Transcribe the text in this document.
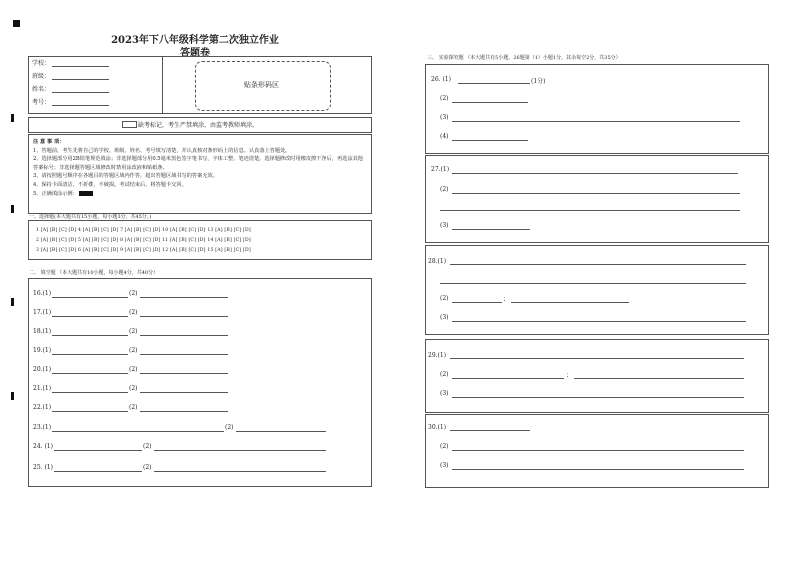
2023年下八年级科学第二次独立作业
答题卷
学校：
班级：
姓名：
考号：
贴条形码区
缺考标记，考生严禁填涂，由监考教师填涂。

注 意 事 项：

1、答题前，考生先将自己的学校、班级、姓名、考号填写清楚，并认真核对条形码上的信息。认真落上答题处。

2、选择题部分用2B铅笔规范填涂；非选择题部分用0.5毫米黑色签字笔书写，字体工整、笔迹清楚。选择题修改时用橡皮擦干净后，再选涂其他答案标号；非选择题答题区域修改时禁用涂改液和贴纸条。

3、请按照题号顺序在各题目的答题区域内作答，超出答题区域书写的答案无效。

4、保持卡面清洁，不折叠，不破损。考试结束后，将答题卡交回。

5、正确填涂示例：

一、选择题(本大题共有15小题，每小题3分，共45分。)
1 [A] [B] [C] [D] 4 [A] [B] [C] [D] 7 [A] [B] [C] [D] 10 [A] [B] [C] [D] 13 [A] [B] [C] [D]
2 [A] [B] [C] [D] 5 [A] [B] [C] [D] 8 [A] [B] [C] [D] 11 [A] [B] [C] [D] 14 [A] [B] [C] [D]
3 [A] [B] [C] [D] 6 [A] [B] [C] [D] 9 [A] [B] [C] [D] 12 [A] [B] [C] [D] 15 [A] [B] [C] [D]
二、 填空题 （本大题共有10小题，每小题4分，共40分）
16.(1)	(2)
17.(1)	(2)
18.(1)	(2)
19.(1)	(2)
20.(1)	(2)
21.(1)	(2)
22.(1)	(2)
23.(1)	(2)
24. (1)	(2)
25. (1)	(2)
三、 实验探究题 （本大题共有5小题，26题第（1）小题1分，其余每空2分，共35分）
26. (1)	(1分)
(2)
(3)
(4)
27.(1)
(2)
(3)
28.(1)
(2)	；
(3)
29.(1)
(2)	；
(3)
30.(1)
(2)
(3)
